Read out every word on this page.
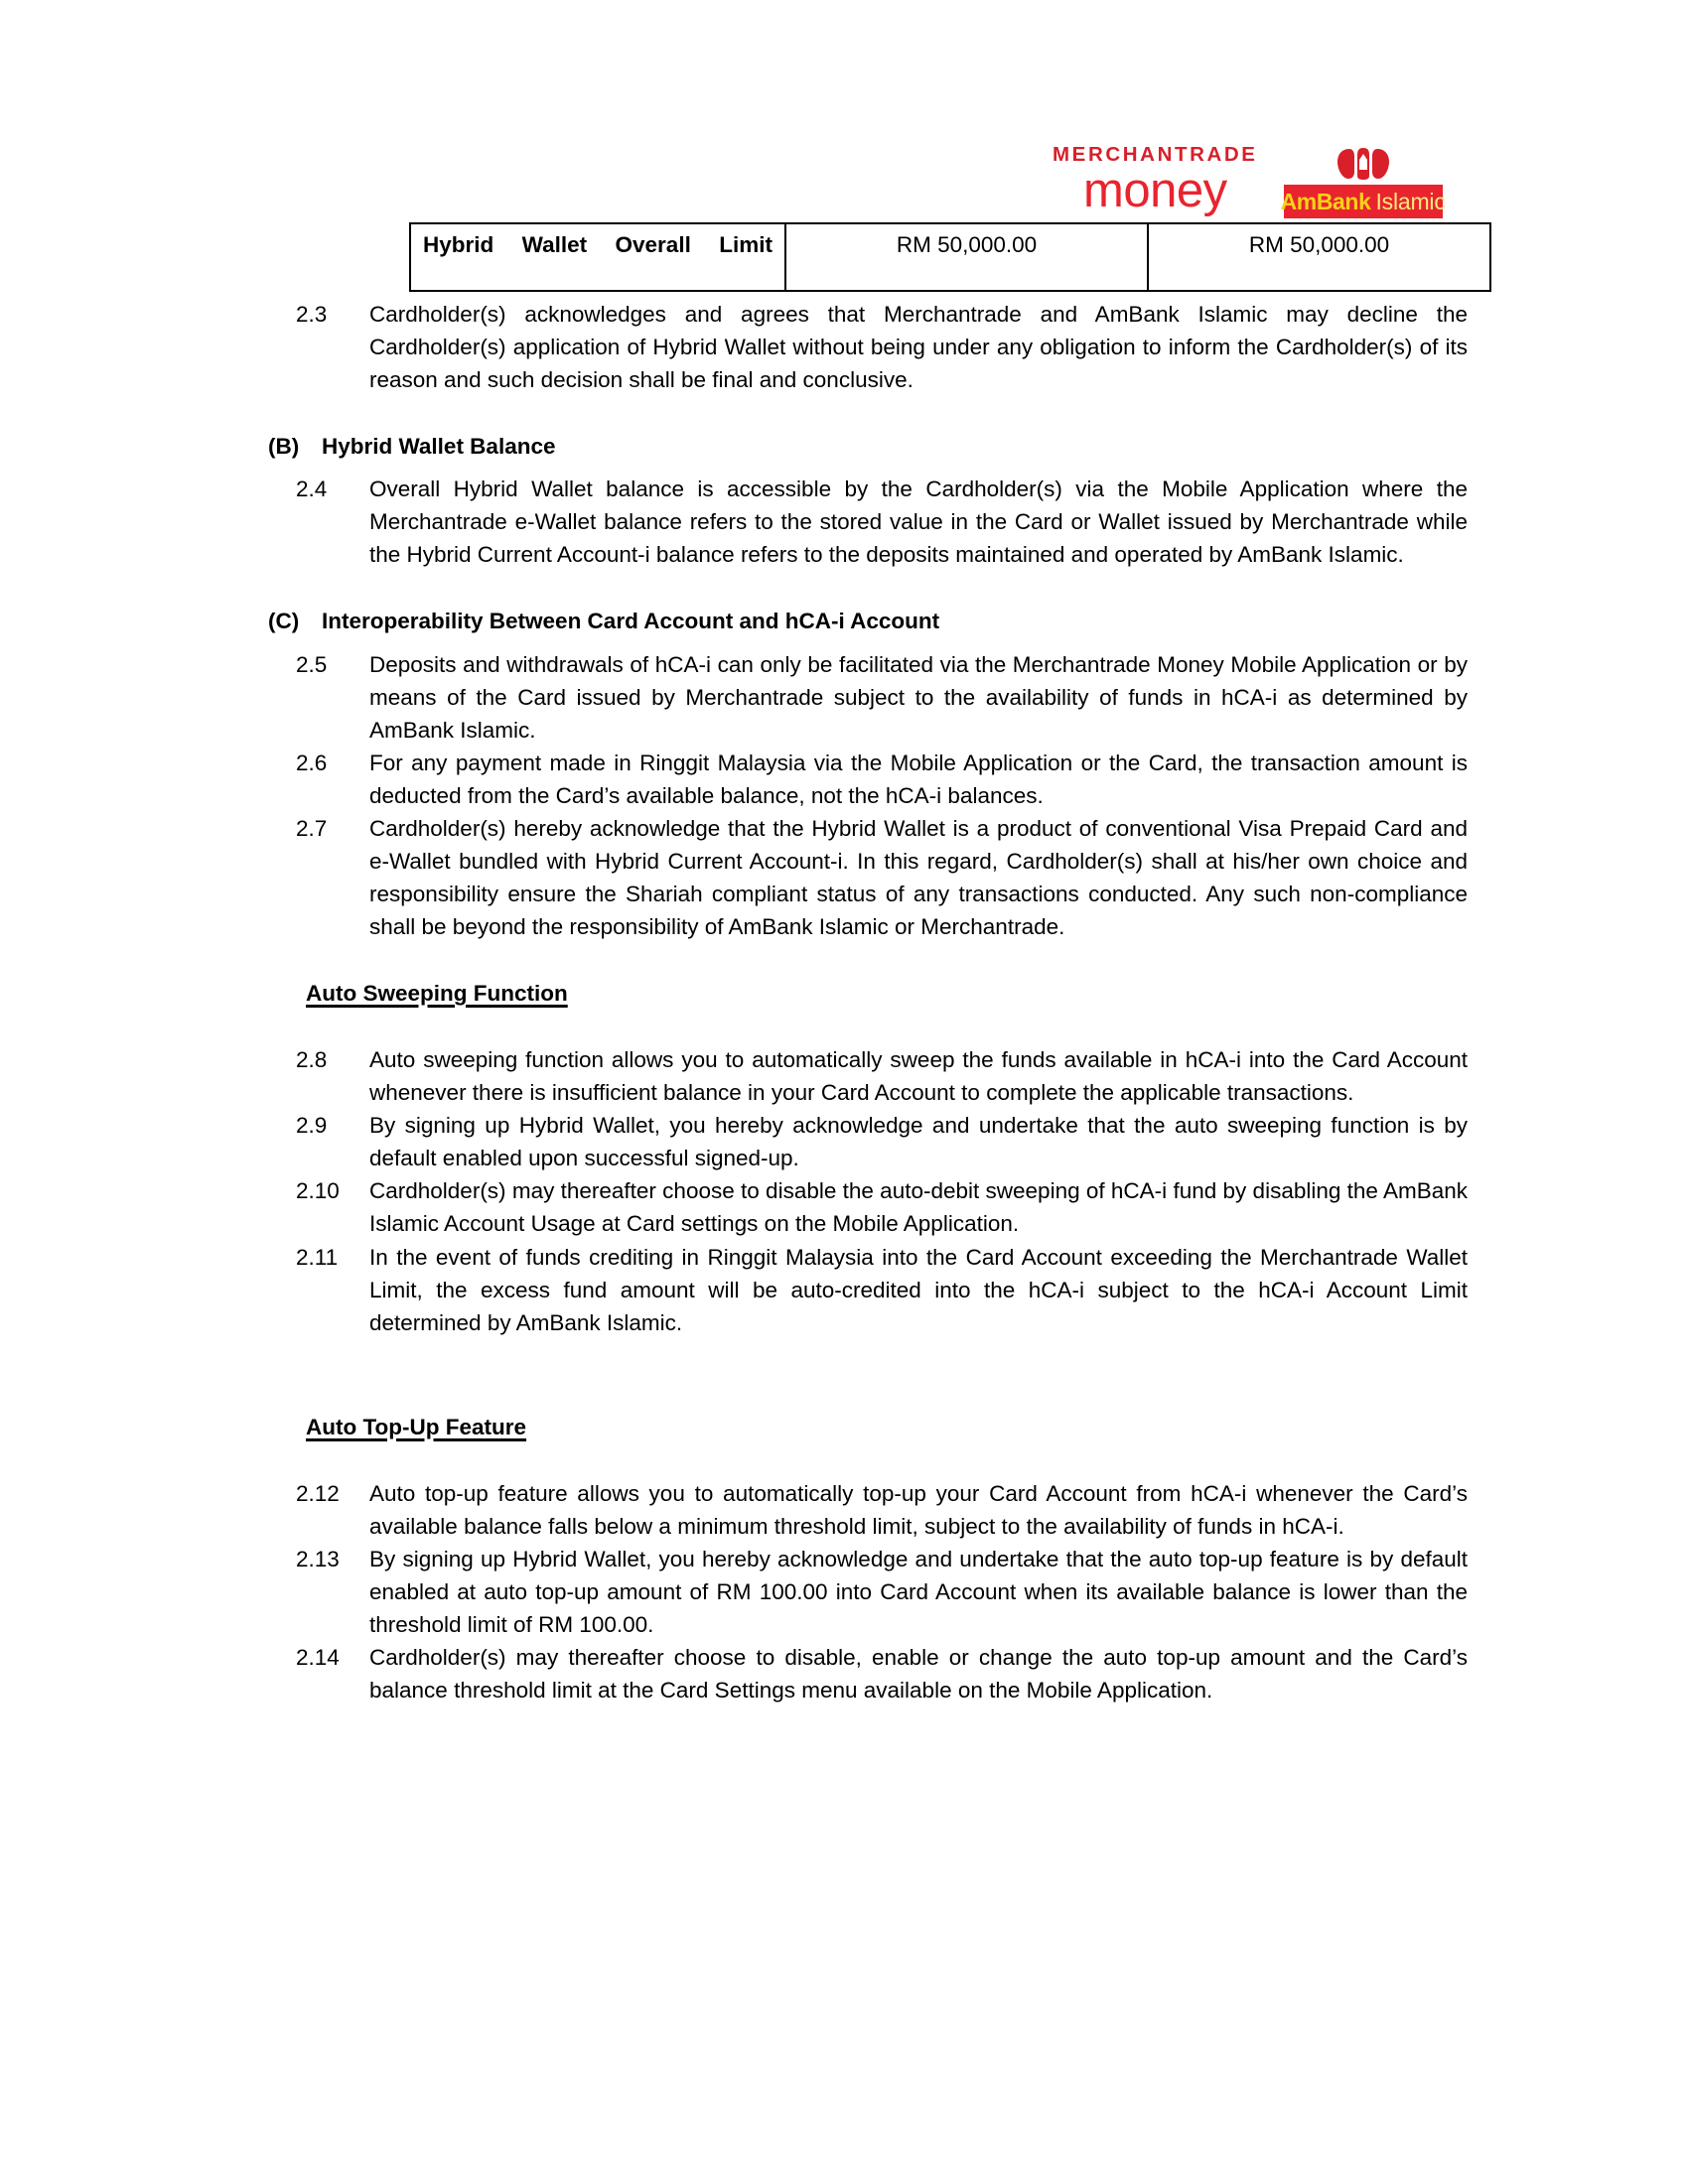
MERCHANTRADE
money AmBank Islamic
Hybrid Wallet Overall Limit	RM 50,000.00	RM 50,000.00
2.3	Cardholder(s) acknowledges and agrees that Merchantrade and AmBank Islamic may decline the Cardholder(s) application of Hybrid Wallet without being under any obligation to inform the Cardholder(s) of its reason and such decision shall be final and conclusive.
(B)	Hybrid Wallet Balance
2.4	Overall Hybrid Wallet balance is accessible by the Cardholder(s) via the Mobile Application where the Merchantrade e-Wallet balance refers to the stored value in the Card or Wallet issued by Merchantrade while the Hybrid Current Account-i balance refers to the deposits maintained and operated by AmBank Islamic.
(C)	Interoperability Between Card Account and hCA-i Account
2.5	Deposits and withdrawals of hCA-i can only be facilitated via the Merchantrade Money Mobile Application or by means of the Card issued by Merchantrade subject to the availability of funds in hCA-i as determined by AmBank Islamic.
2.6	For any payment made in Ringgit Malaysia via the Mobile Application or the Card, the transaction amount is deducted from the Card’s available balance, not the hCA-i balances.
2.7	Cardholder(s) hereby acknowledge that the Hybrid Wallet is a product of conventional Visa Prepaid Card and e-Wallet bundled with Hybrid Current Account-i. In this regard, Cardholder(s) shall at his/her own choice and responsibility ensure the Shariah compliant status of any transactions conducted. Any such non-compliance shall be beyond the responsibility of AmBank Islamic or Merchantrade.
Auto Sweeping Function
2.8	Auto sweeping function allows you to automatically sweep the funds available in hCA-i into the Card Account whenever there is insufficient balance in your Card Account to complete the applicable transactions.
2.9	By signing up Hybrid Wallet, you hereby acknowledge and undertake that the auto sweeping function is by default enabled upon successful signed-up.
2.10	Cardholder(s) may thereafter choose to disable the auto-debit sweeping of hCA-i fund by disabling the AmBank Islamic Account Usage at Card settings on the Mobile Application.
2.11	In the event of funds crediting in Ringgit Malaysia into the Card Account exceeding the Merchantrade Wallet Limit, the excess fund amount will be auto-credited into the hCA-i subject to the hCA-i Account Limit determined by AmBank Islamic.
Auto Top-Up Feature
2.12	Auto top-up feature allows you to automatically top-up your Card Account from hCA-i whenever the Card’s available balance falls below a minimum threshold limit, subject to the availability of funds in hCA-i.
2.13	By signing up Hybrid Wallet, you hereby acknowledge and undertake that the auto top-up feature is by default enabled at auto top-up amount of RM 100.00 into Card Account when its available balance is lower than the threshold limit of RM 100.00.
2.14	Cardholder(s) may thereafter choose to disable, enable or change the auto top-up amount and the Card’s balance threshold limit at the Card Settings menu available on the Mobile Application.
